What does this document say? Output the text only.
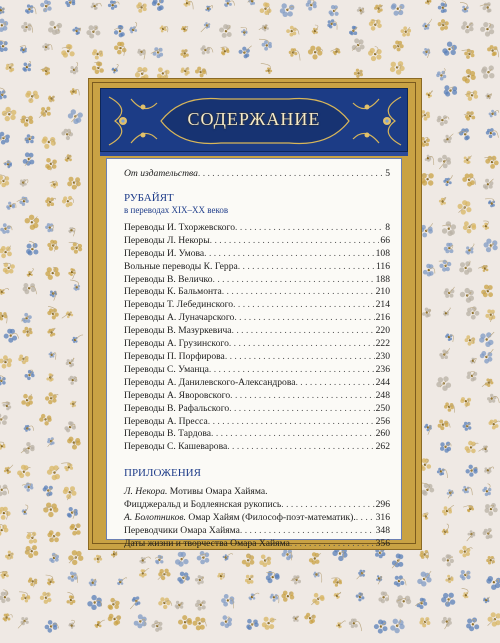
СОДЕРЖАНИЕ
От издательства . . .	5
РУБАЙЯТ
в переводах XIX–XX веков
Переводы И. Тхоржевского . . .	8
Переводы Л. Некоры . . .	66
Переводы И. Умова . . .	108
Вольные переводы К. Герра . . .	116
Переводы В. Величко . . .	188
Переводы К. Бальмонта . . .	210
Переводы Т. Лебединского . . .	214
Переводы А. Луначарского . . .	216
Переводы В. Мазуркевича . . .	220
Переводы А. Грузинского . . .	222
Переводы П. Порфирова . . .	230
Переводы С. Уманца . . .	236
Переводы А. Данилевского-Александрова . . .	244
Переводы А. Яворовского . . .	248
Переводы В. Рафальского . . .	250
Переводы А. Пресса . . .	256
Переводы В. Тардова . . .	260
Переводы С. Кашеварова . . .	262
ПРИЛОЖЕНИЯ
Л. Некора. Мотивы Омара Хайяма.
Фицджеральд и Бодлеянская рукопись . . .	296
А. Болотников. Омар Хайям (Философ-поэт-математик). . . . 316
Переводчики Омара Хайяма . . .	348
Даты жизни и творчества Омара Хайяма . . .	356
